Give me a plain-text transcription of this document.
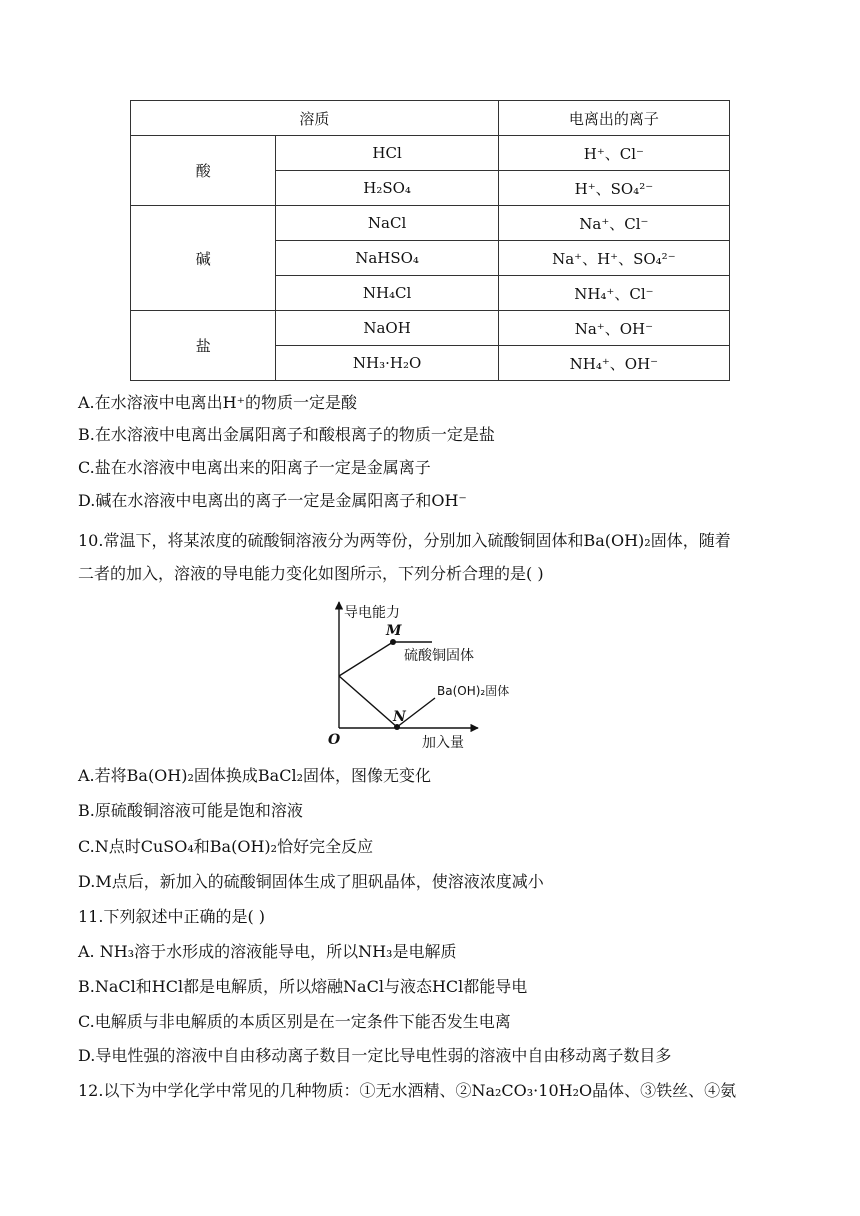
溶质		电离出的离子
酸	HCl	H⁺、Cl⁻
	H₂SO₄	H⁺、SO₄²⁻
碱	NaCl	Na⁺、Cl⁻
	NaHSO₄	Na⁺、H⁺、SO₄²⁻
	NH₄Cl	NH₄⁺、Cl⁻
盐	NaOH	Na⁺、OH⁻
	NH₃·H₂O	NH₄⁺、OH⁻
A.在水溶液中电离出H⁺的物质一定是酸
B.在水溶液中电离出金属阳离子和酸根离子的物质一定是盐
C.盐在水溶液中电离出来的阳离子一定是金属离子
D.碱在水溶液中电离出的离子一定是金属阳离子和OH⁻
10.常温下，将某浓度的硫酸铜溶液分为两等份，分别加入硫酸铜固体和Ba(OH)₂固体，随着
二者的加入，溶液的导电能力变化如图所示，下列分析合理的是( )
导电能力
M
N
O
硫酸铜固体
Ba(OH)₂固体
加入量
A.若将Ba(OH)₂固体换成BaCl₂固体，图像无变化
B.原硫酸铜溶液可能是饱和溶液
C.N点时CuSO₄和Ba(OH)₂恰好完全反应
D.M点后，新加入的硫酸铜固体生成了胆矾晶体，使溶液浓度减小
11.下列叙述中正确的是( )
A. NH₃溶于水形成的溶液能导电，所以NH₃是电解质
B.NaCl和HCl都是电解质，所以熔融NaCl与液态HCl都能导电
C.电解质与非电解质的本质区别是在一定条件下能否发生电离
D.导电性强的溶液中自由移动离子数目一定比导电性弱的溶液中自由移动离子数目多
12.以下为中学化学中常见的几种物质：①无水酒精、②Na₂CO₃·10H₂O晶体、③铁丝、④氨
